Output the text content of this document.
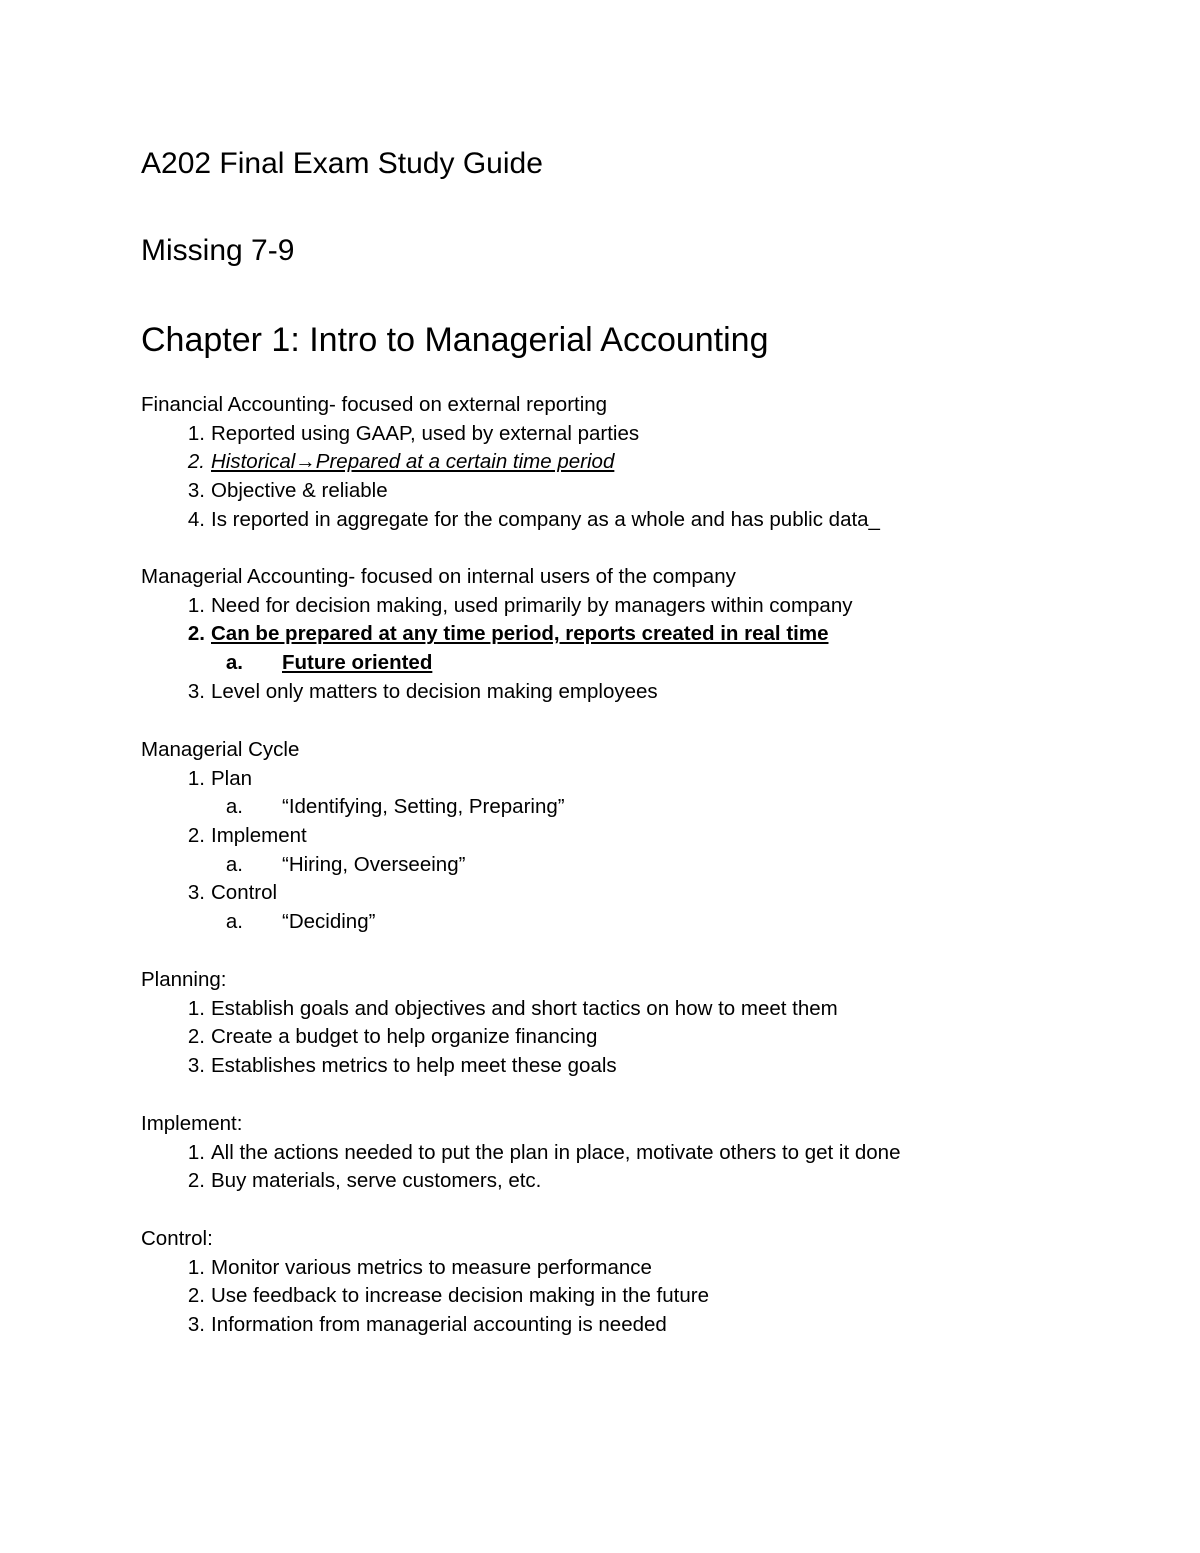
A202 Final Exam Study Guide
Missing 7-9
Chapter 1: Intro to Managerial Accounting
Financial Accounting- focused on external reporting
1. Reported using GAAP, used by external parties
2. Historical→Prepared at a certain time period
3. Objective & reliable
4. Is reported in aggregate for the company as a whole and has public data_
Managerial Accounting- focused on internal users of the company
1. Need for decision making, used primarily by managers within company
2. Can be prepared at any time period, reports created in real time
a. Future oriented
3. Level only matters to decision making employees
Managerial Cycle
1. Plan
a. “Identifying, Setting, Preparing”
2. Implement
a. “Hiring, Overseeing”
3. Control
a. “Deciding”
Planning:
1. Establish goals and objectives and short tactics on how to meet them
2. Create a budget to help organize financing
3. Establishes metrics to help meet these goals
Implement:
1. All the actions needed to put the plan in place, motivate others to get it done
2. Buy materials, serve customers, etc.
Control:
1. Monitor various metrics to measure performance
2. Use feedback to increase decision making in the future
3. Information from managerial accounting is needed
